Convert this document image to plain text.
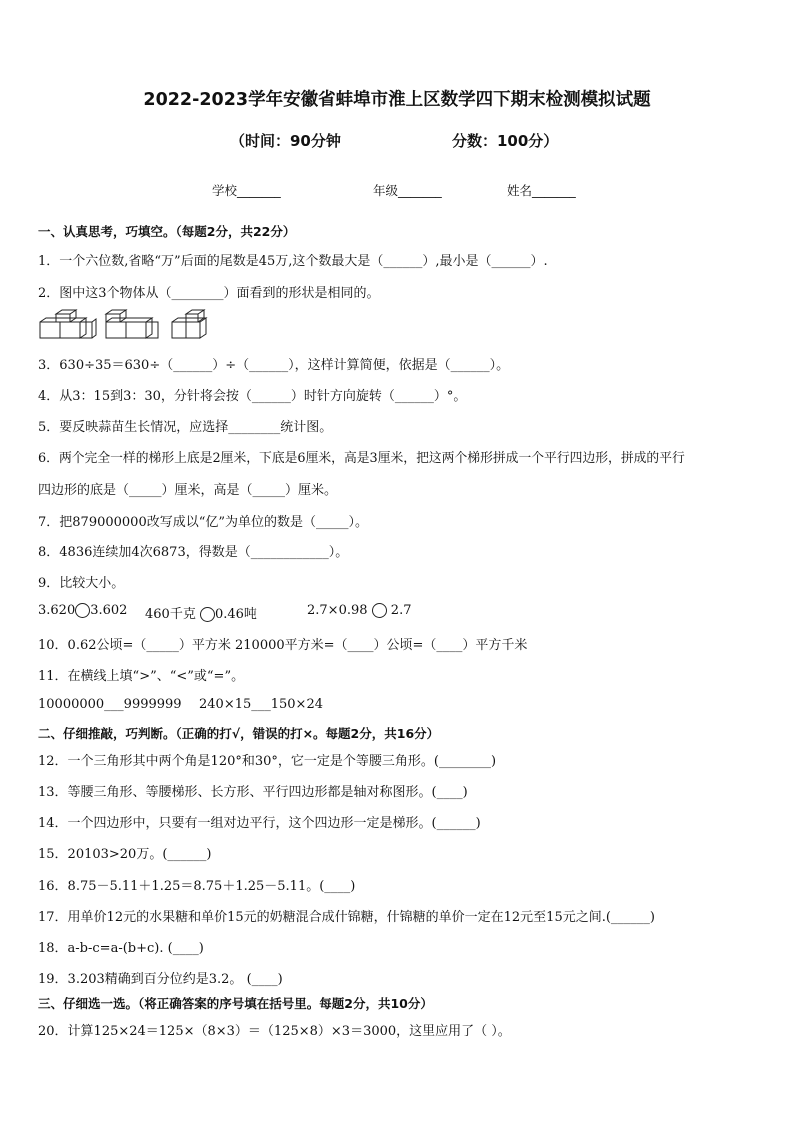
2022-2023学年安徽省蚌埠市淮上区数学四下期末检测模拟试题
（时间：90分钟	分数：100分）
学校_______	年级_______	姓名_______
一、认真思考，巧填空。（每题2分，共22分）
1．一个六位数,省略“万”后面的尾数是45万,这个数最大是（______）,最小是（______）.
2．图中这3个物体从（________）面看到的形状是相同的。
3．630÷35＝630÷（______）÷（______），这样计算简便，依据是（______）。
4．从3：15到3：30，分针将会按（______）时针方向旋转（______）°。
5．要反映蒜苗生长情况，应选择________统计图。
6．两个完全一样的梯形上底是2厘米，下底是6厘米，高是3厘米，把这两个梯形拼成一个平行四边形，拼成的平行
四边形的底是（_____）厘米，高是（_____）厘米。
7．把879000000改写成以“亿”为单位的数是（_____）。
8．4836连续加4次6873，得数是（____________）。
9．比较大小。
3.620 3.602 460千克 0.46吨	2.7×0.98 2.7
10．0.62公顷=（_____）平方米 210000平方米=（____）公顷=（____）平方千米
11．在横线上填“>”、“<”或“=”。
10000000___9999999 240×15___150×24
二、仔细推敲，巧判断。（正确的打√，错误的打×。每题2分，共16分）
12．一个三角形其中两个角是120°和30°，它一定是个等腰三角形。(________)
13．等腰三角形、等腰梯形、长方形、平行四边形都是轴对称图形。(____)
14．一个四边形中，只要有一组对边平行，这个四边形一定是梯形。(______)
15．20103>20万。(______)
16．8.75－5.11＋1.25＝8.75＋1.25－5.11。(____)
17．用单价12元的水果糖和单价15元的奶糖混合成什锦糖，什锦糖的单价一定在12元至15元之间.(______)
18．a-b-c=a-(b+c). (____)
19．3.203精确到百分位约是3.2。 (____)
三、仔细选一选。（将正确答案的序号填在括号里。每题2分，共10分）
20．计算125×24＝125×（8×3）＝（125×8）×3＝3000，这里应用了（ ）。
